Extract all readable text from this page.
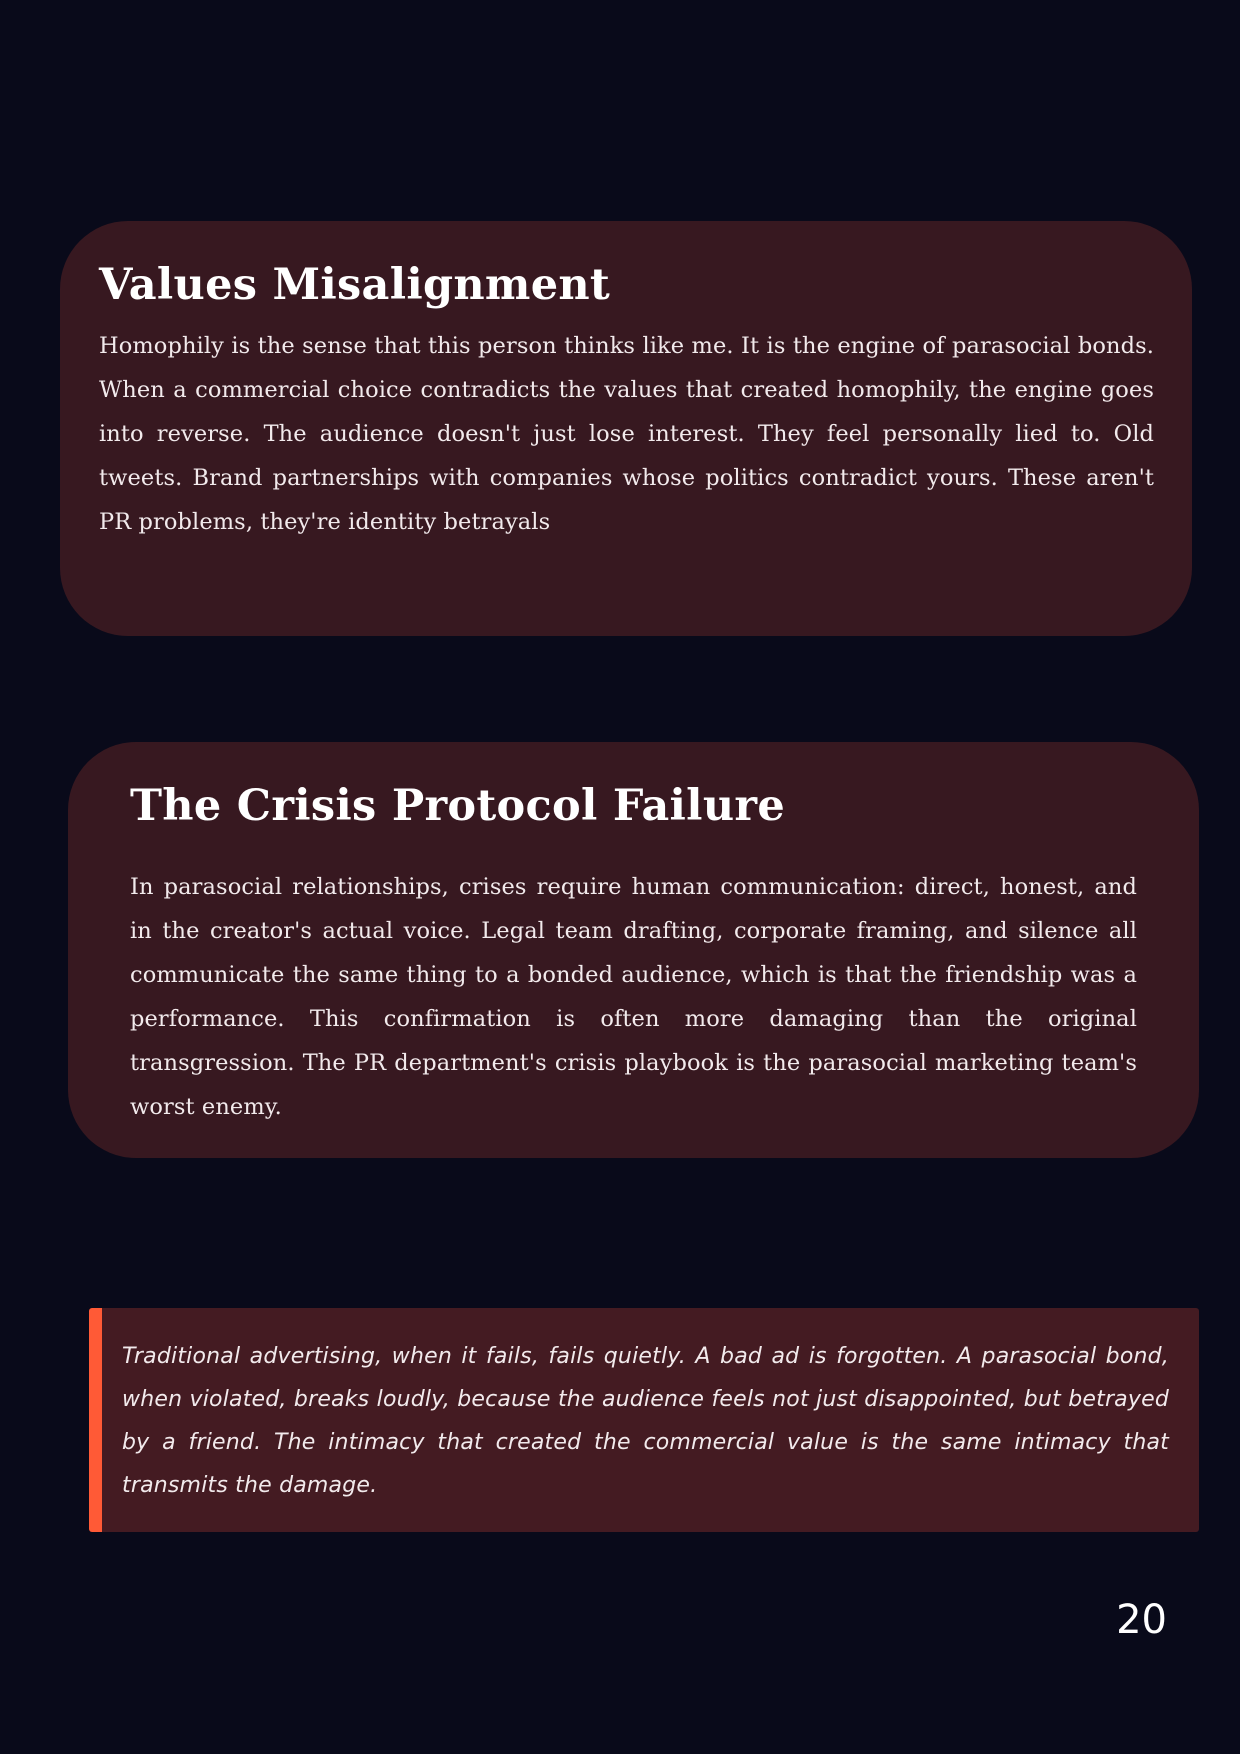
Values Misalignment

Homophily is the sense that this person thinks like me. It is the engine of parasocial bonds. When a commercial choice contradicts the values that created homophily, the engine goes into reverse. The audience doesn't just lose interest. They feel personally lied to. Old tweets. Brand partnerships with companies whose politics contradict yours. These aren't PR problems, they're identity betrayals

The Crisis Protocol Failure

In parasocial relationships, crises require human communication: direct, honest, and in the creator's actual voice. Legal team drafting, corporate framing, and silence all communicate the same thing to a bonded audience, which is that the friendship was a performance. This confirmation is often more damaging than the original transgression. The PR department's crisis playbook is the parasocial marketing team's worst enemy.

Traditional advertising, when it fails, fails quietly. A bad ad is forgotten. A parasocial bond, when violated, breaks loudly, because the audience feels not just disappointed, but betrayed by a friend. The intimacy that created the commercial value is the same intimacy that transmits the damage.

20
